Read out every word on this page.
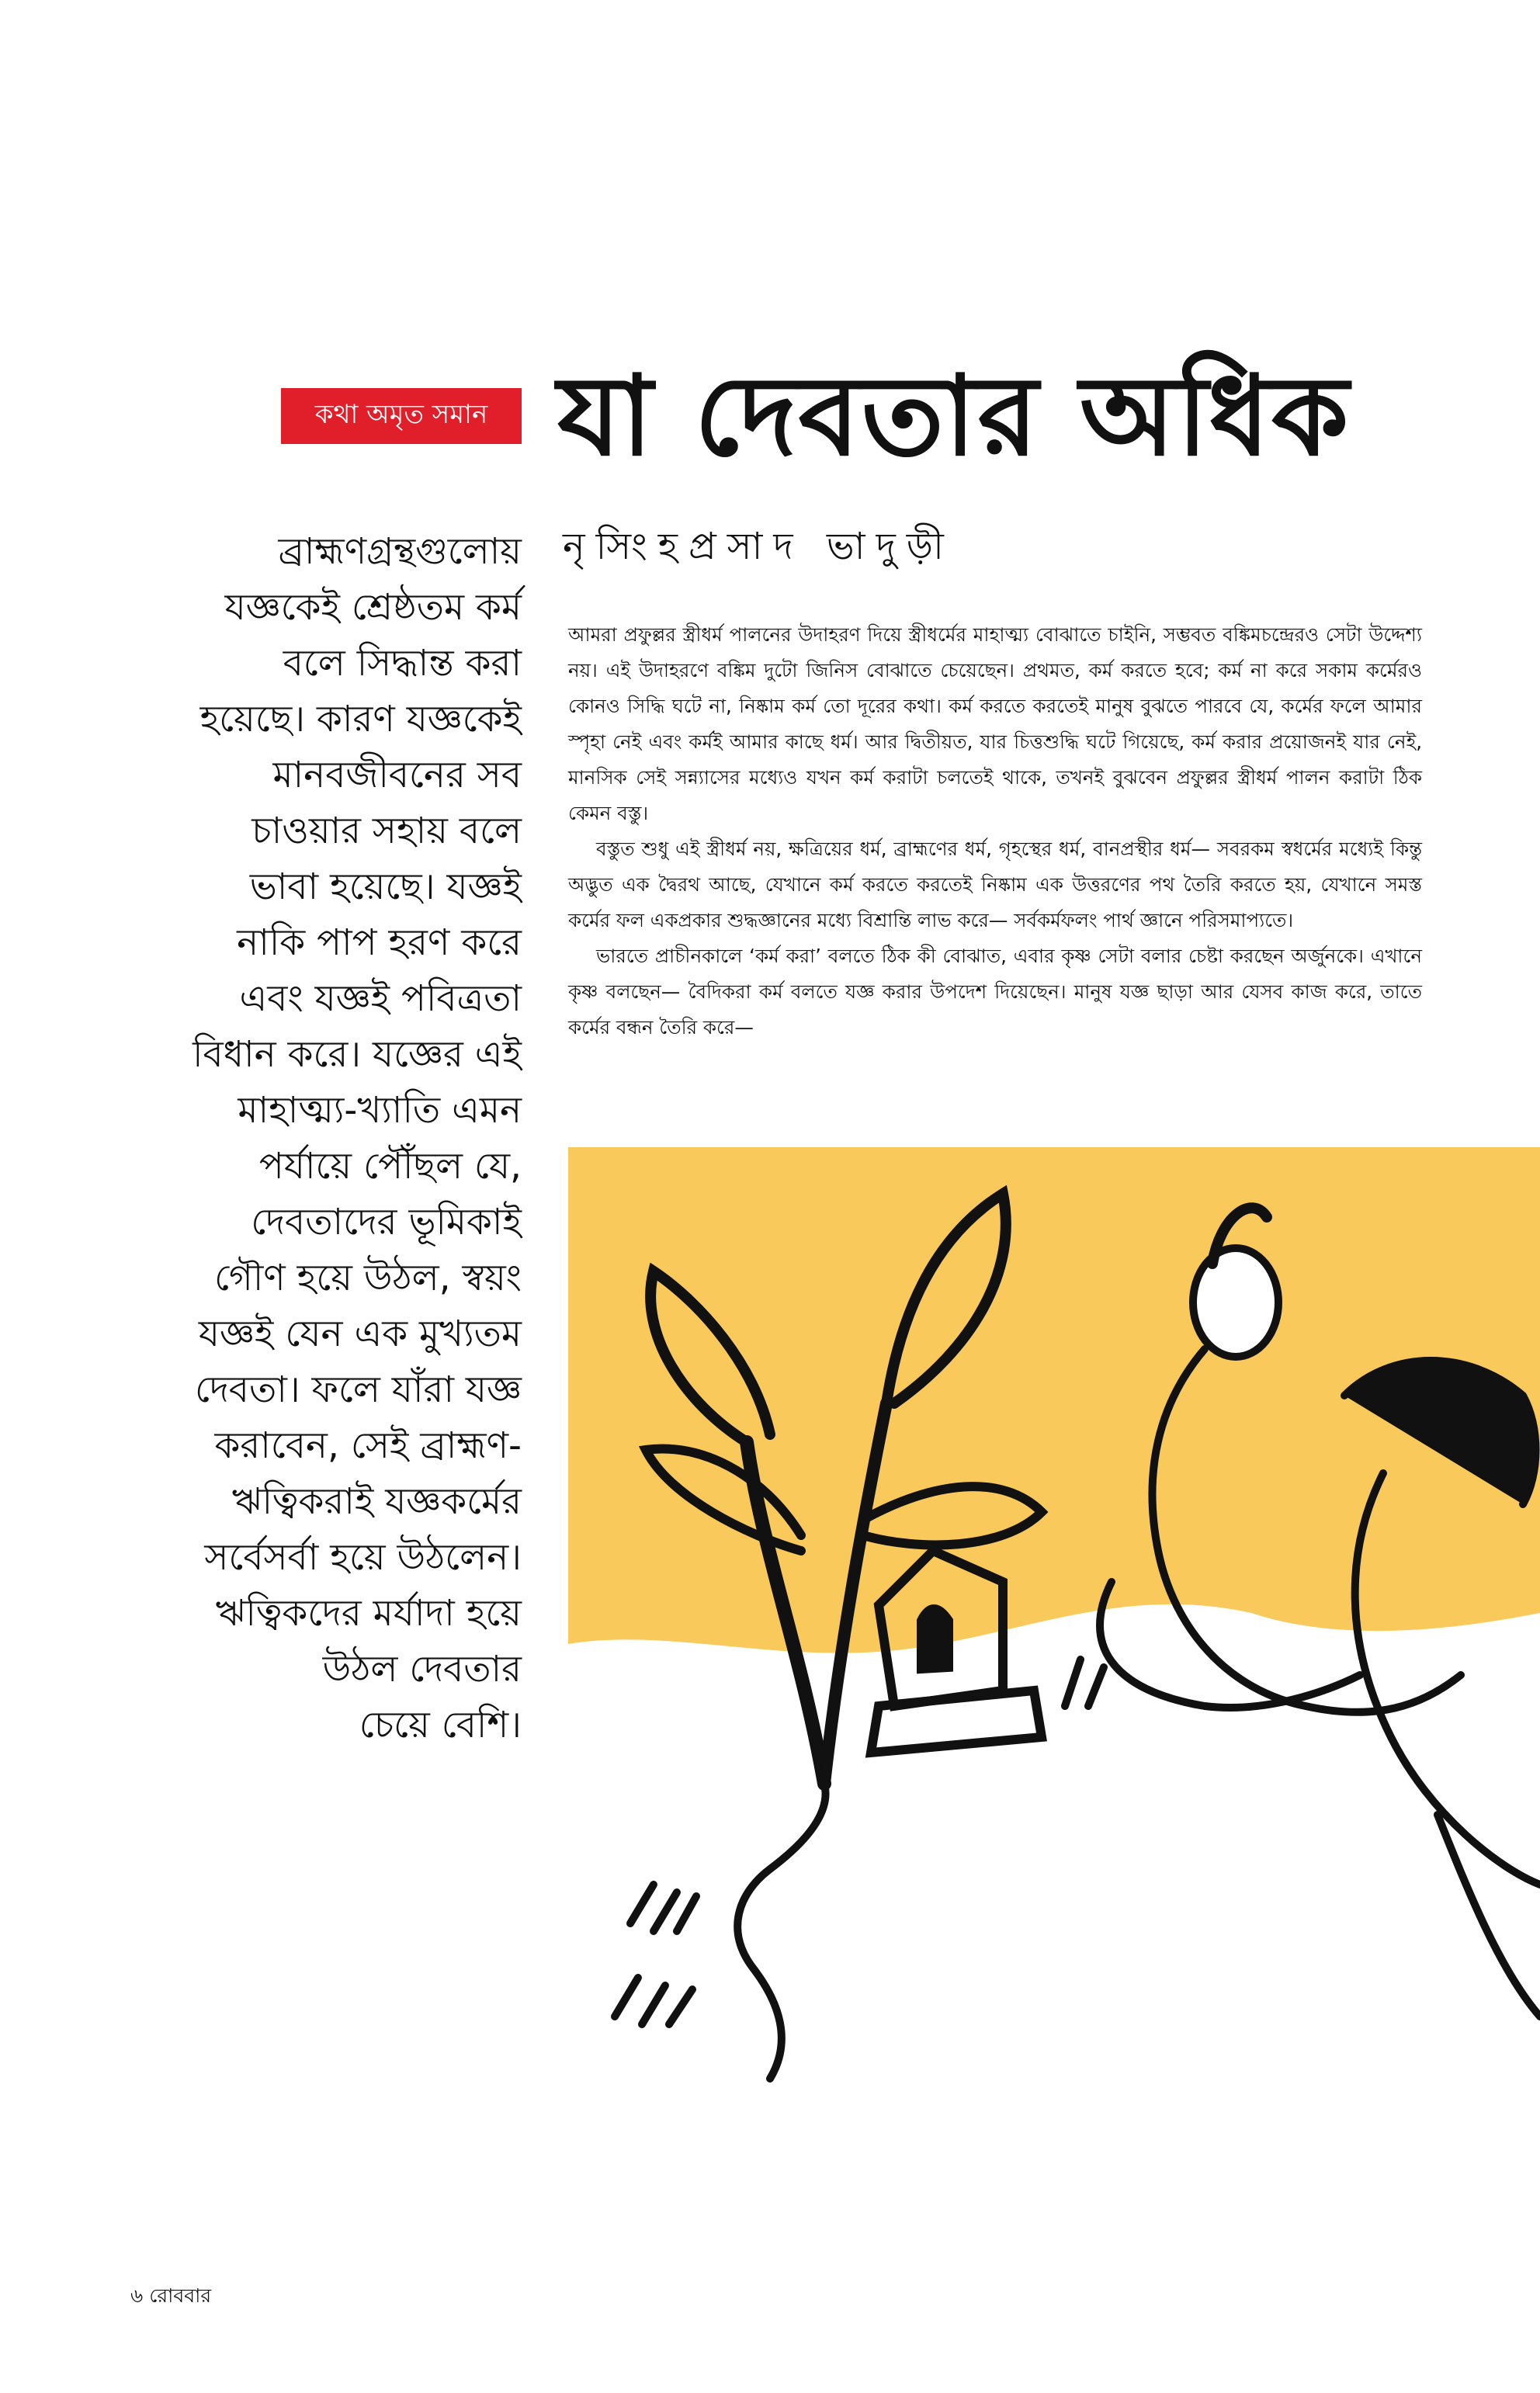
কথা অমৃত সমান যা দেবতার অধিক
নৃসিংহপ্রসাদ ভাদুড়ী

ব্রাহ্মণগ্রন্থগুলোয়

যজ্ঞকেই শ্রেষ্ঠতম কর্ম

বলে সিদ্ধান্ত করা

হয়েছে। কারণ যজ্ঞকেই

মানবজীবনের সব

চাওয়ার সহায় বলে

ভাবা হয়েছে। যজ্ঞই

নাকি পাপ হরণ করে

এবং যজ্ঞই পবিত্রতা

বিধান করে। যজ্ঞের এই

মাহাত্ম্য-খ্যাতি এমন

পর্যায়ে পৌঁছল যে,

দেবতাদের ভূমিকাই

গৌণ হয়ে উঠল, স্বয়ং

যজ্ঞই যেন এক মুখ্যতম

দেবতা। ফলে যাঁরা যজ্ঞ

করাবেন, সেই ব্রাহ্মণ-

ঋত্বিকরাই যজ্ঞকর্মের

সর্বেসর্বা হয়ে উঠলেন।

ঋত্বিকদের মর্যাদা হয়ে

উঠল দেবতার

চেয়ে বেশি।

আমরা প্রফুল্লর স্ত্রীধর্ম পালনের উদাহরণ দিয়ে স্ত্রীধর্মের মাহাত্ম্য বোঝাতে চাইনি, সম্ভবত বঙ্কিমচন্দ্রেরও সেটা উদ্দেশ্য নয়। এই উদাহরণে বঙ্কিম দুটো জিনিস বোঝাতে চেয়েছেন। প্রথমত, কর্ম করতে হবে; কর্ম না করে সকাম কর্মেরও কোনও সিদ্ধি ঘটে না, নিষ্কাম কর্ম তো দূরের কথা। কর্ম করতে করতেই মানুষ বুঝতে পারবে যে, কর্মের ফলে আমার স্পৃহা নেই এবং কর্মই আমার কাছে ধর্ম। আর দ্বিতীয়ত, যার চিত্তশুদ্ধি ঘটে গিয়েছে, কর্ম করার প্রয়োজনই যার নেই, মানসিক সেই সন্ন্যাসের মধ্যেও যখন কর্ম করাটা চলতেই থাকে, তখনই বুঝবেন প্রফুল্লর স্ত্রীধর্ম পালন করাটা ঠিক কেমন বস্তু।

বস্তুত শুধু এই স্ত্রীধর্ম নয়, ক্ষত্রিয়ের ধর্ম, ব্রাহ্মণের ধর্ম, গৃহস্থের ধর্ম, বানপ্রস্থীর ধর্ম— সবরকম স্বধর্মের মধ্যেই কিন্তু অদ্ভুত এক দ্বৈরথ আছে, যেখানে কর্ম করতে করতেই নিষ্কাম এক উত্তরণের পথ তৈরি করতে হয়, যেখানে সমস্ত কর্মের ফল একপ্রকার শুদ্ধজ্ঞানের মধ্যে বিশ্রান্তি লাভ করে— সর্বকর্মফলং পার্থ জ্ঞানে পরিসমাপ্যতে।

ভারতে প্রাচীনকালে ‘কর্ম করা’ বলতে ঠিক কী বোঝাত, এবার কৃষ্ণ সেটা বলার চেষ্টা করছেন অর্জুনকে। এখানে কৃষ্ণ বলছেন— বৈদিকরা কর্ম বলতে যজ্ঞ করার উপদেশ দিয়েছেন। মানুষ যজ্ঞ ছাড়া আর যেসব কাজ করে, তাতে কর্মের বন্ধন তৈরি করে—

৬ রোববার
